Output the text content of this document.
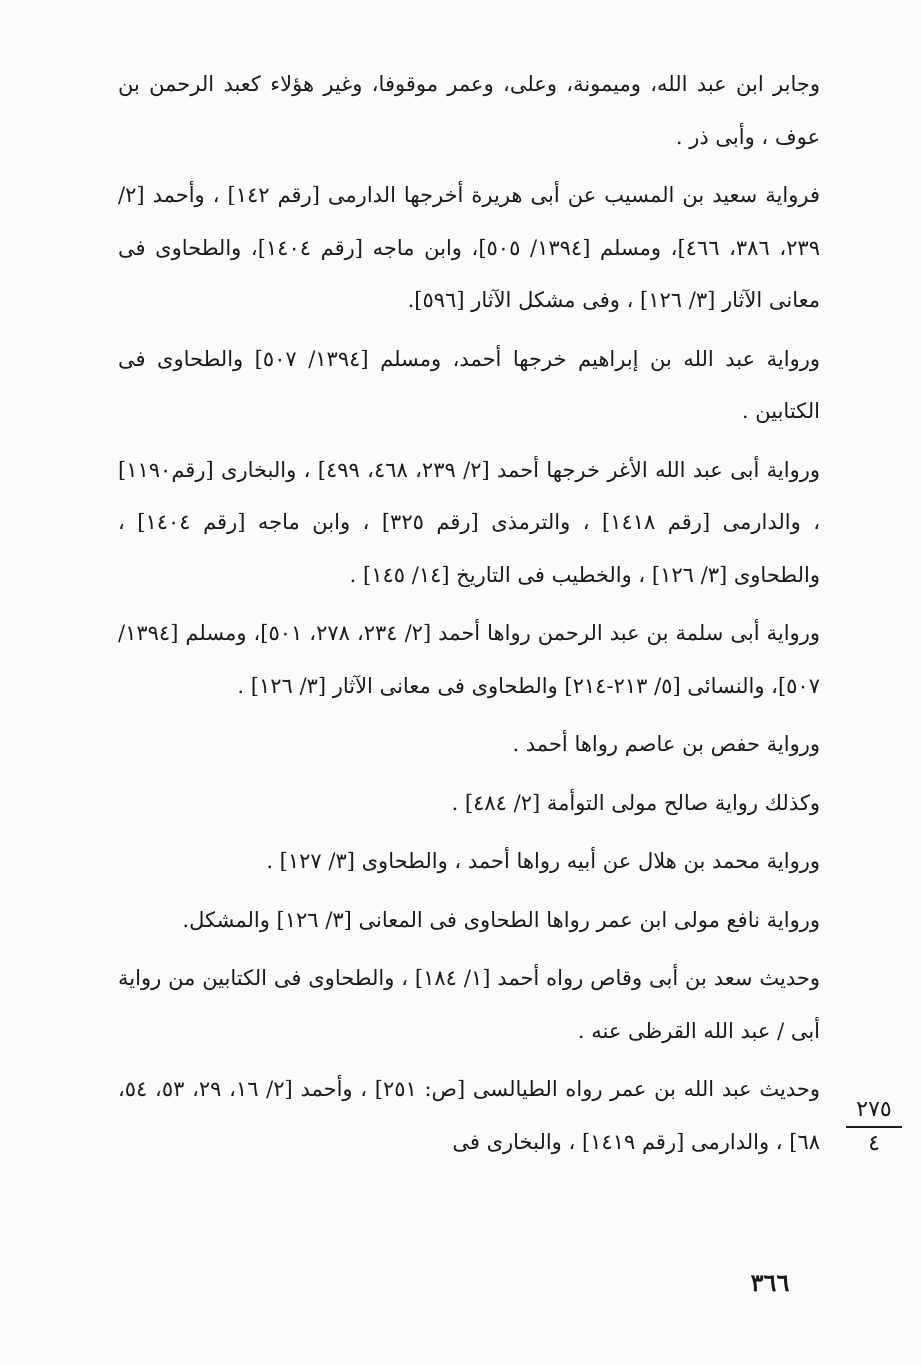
وجابر ابن عبد الله، وميمونة، وعلى، وعمر موقوفا، وغير هؤلاء كعبد الرحمن بن عوف ، وأبى ذر .

فرواية سعيد بن المسيب عن أبى هريرة أخرجها الدارمى [رقم ١٤٢] ، وأحمد [٢/ ٢٣٩، ٣٨٦، ٤٦٦]، ومسلم [١٣٩٤/ ٥٠٥]، وابن ماجه [رقم ١٤٠٤]، والطحاوى فى معانى الآثار [٣/ ١٢٦] ، وفى مشكل الآثار [٥٩٦].

ورواية عبد الله بن إبراهيم خرجها أحمد، ومسلم [١٣٩٤/ ٥٠٧] والطحاوى فى الكتابين .

ورواية أبى عبد الله الأغر خرجها أحمد [٢/ ٢٣٩، ٤٦٨، ٤٩٩] ، والبخارى [رقم١١٩٠] ، والدارمى [رقم ١٤١٨] ، والترمذى [رقم ٣٢٥] ، وابن ماجه [رقم ١٤٠٤] ، والطحاوى [٣/ ١٢٦] ، والخطيب فى التاريخ [١٤/ ١٤٥] .

ورواية أبى سلمة بن عبد الرحمن رواها أحمد [٢/ ٢٣٤، ٢٧٨، ٥٠١]، ومسلم [١٣٩٤/ ٥٠٧]، والنسائى [٥/ ٢١٣-٢١٤] والطحاوى فى معانى الآثار [٣/ ١٢٦] .

ورواية حفص بن عاصم رواها أحمد .

وكذلك رواية صالح مولى التوأمة [٢/ ٤٨٤] .

ورواية محمد بن هلال عن أبيه رواها أحمد ، والطحاوى [٣/ ١٢٧] .

ورواية نافع مولى ابن عمر رواها الطحاوى فى المعانى [٣/ ١٢٦] والمشكل.

وحديث سعد بن أبى وقاص رواه أحمد [١/ ١٨٤] ، والطحاوى فى الكتابين من رواية أبى / عبد الله القرظى عنه .

وحديث عبد الله بن عمر رواه الطيالسى [ص: ٢٥١] ، وأحمد [٢/ ١٦، ٢٩، ٥٣، ٥٤، ٦٨] ، والدارمى [رقم ١٤١٩] ، والبخارى فى

٢٧٥
٤
٣٦٦
